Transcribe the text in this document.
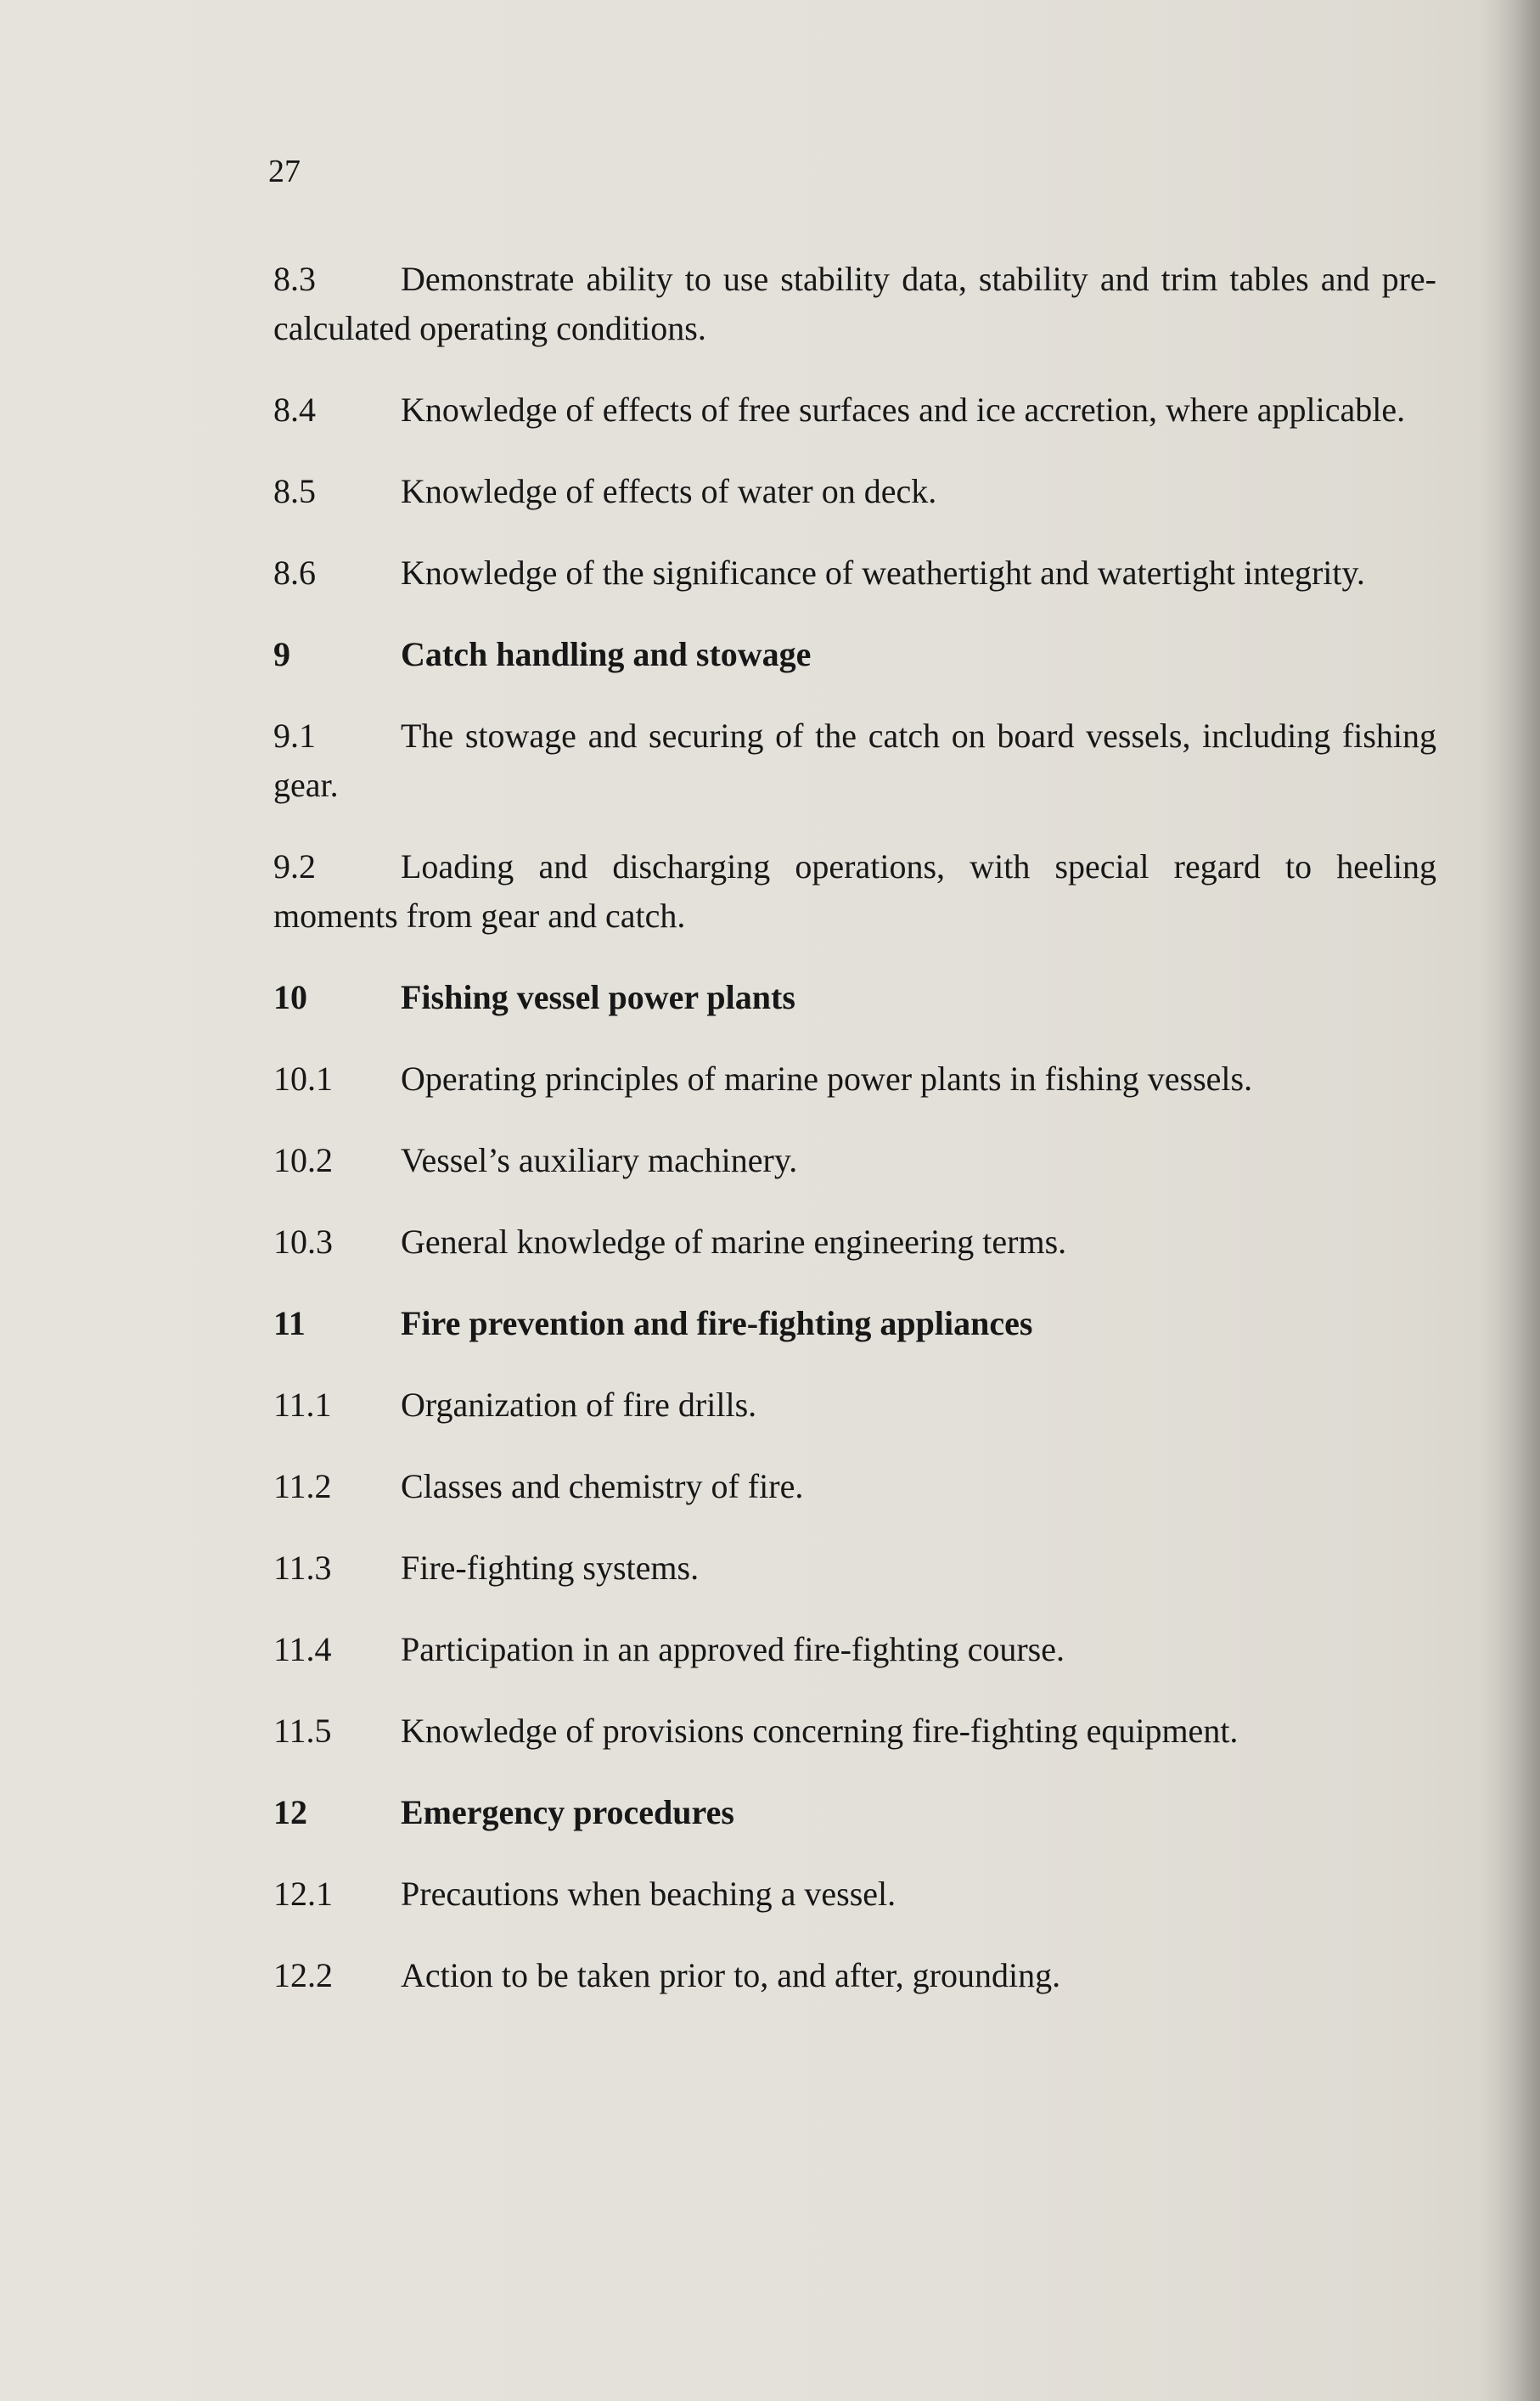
27
8.3	Demonstrate ability to use stability data, stability and trim tables and pre-calculated operating conditions.
8.4	Knowledge of effects of free surfaces and ice accretion, where applicable.
8.5	Knowledge of effects of water on deck.
8.6	Knowledge of the significance of weathertight and watertight integrity.
9	Catch handling and stowage
9.1	The stowage and securing of the catch on board vessels, including fishing gear.
9.2	Loading and discharging operations, with special regard to heeling moments from gear and catch.
10	Fishing vessel power plants
10.1 Operating principles of marine power plants in fishing vessels.
10.2 Vessel’s auxiliary machinery.
10.3 General knowledge of marine engineering terms.
11	Fire prevention and fire-fighting appliances
11.1 Organization of fire drills.
11.2 Classes and chemistry of fire.
11.3 Fire-fighting systems.
11.4 Participation in an approved fire-fighting course.
11.5 Knowledge of provisions concerning fire-fighting equipment.
12	Emergency procedures
12.1 Precautions when beaching a vessel.
12.2 Action to be taken prior to, and after, grounding.
